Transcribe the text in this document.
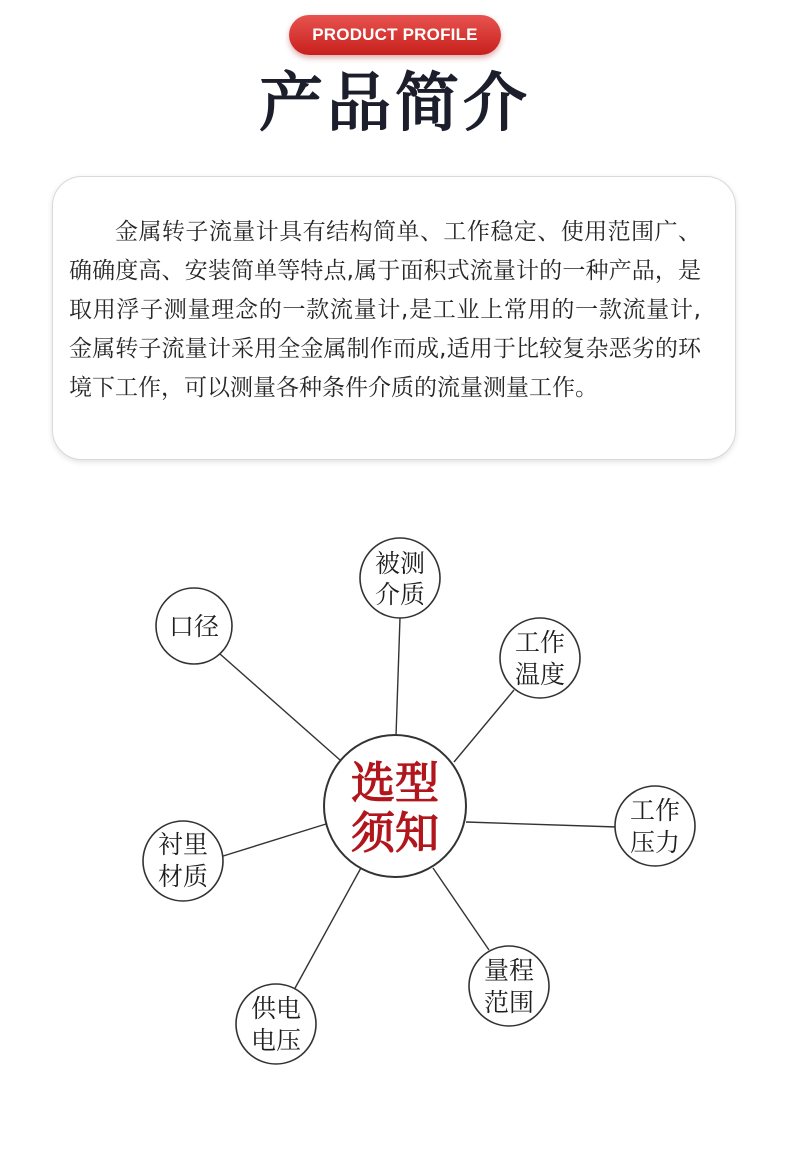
PRODUCT PROFILE
产品简介

金属转子流量计具有结构简单、工作稳定、使用范围广、确确度高、安装简单等特点,属于面积式流量计的一种产品，是取用浮子测量理念的一款流量计,是工业上常用的一款流量计,金属转子流量计采用全金属制作而成,适用于比较复杂恶劣的环境下工作，可以测量各种条件介质的流量测量工作。

选型
须知
被测
介质
口径
工作
温度
工作
压力
衬里
材质
量程
范围
供电
电压
